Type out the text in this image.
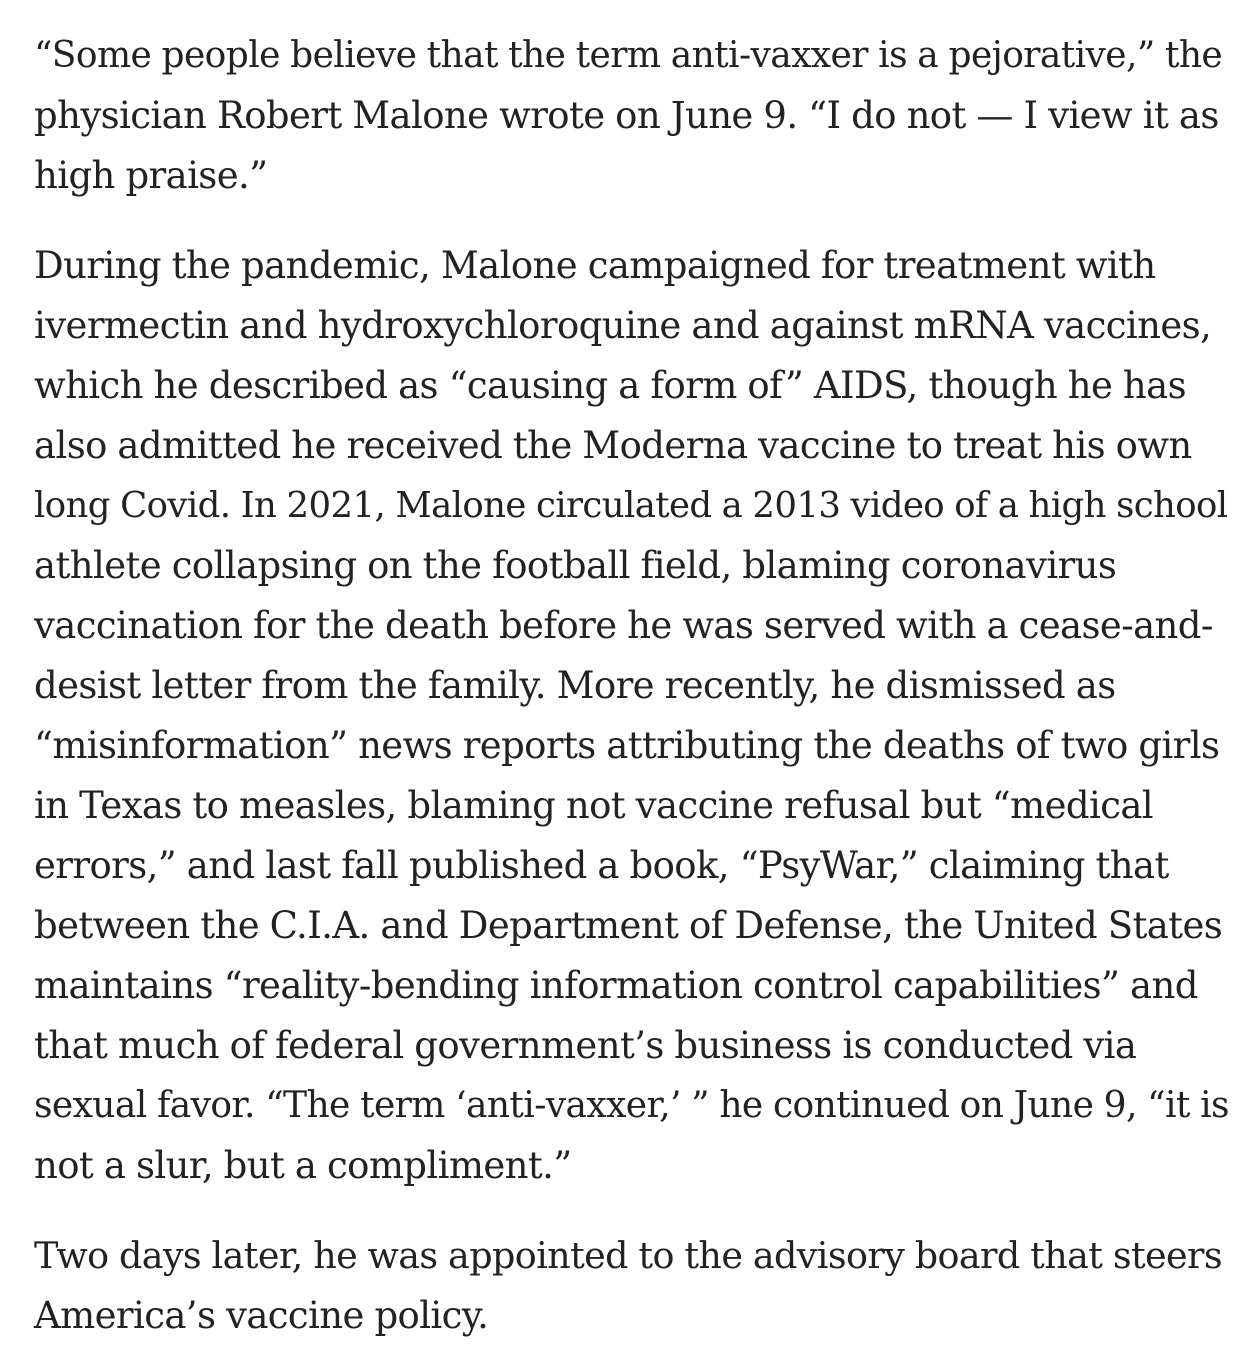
“Some people believe that the term anti-vaxxer is a pejorative,” the
physician Robert Malone wrote on June 9. “I do not — I view it as
high praise.”

During the pandemic, Malone campaigned for treatment with
ivermectin and hydroxychloroquine and against mRNA vaccines,
which he described as “causing a form of” AIDS, though he has
also admitted he received the Moderna vaccine to treat his own
long Covid. In 2021, Malone circulated a 2013 video of a high school
athlete collapsing on the football field, blaming coronavirus
vaccination for the death before he was served with a cease-and-
desist letter from the family. More recently, he dismissed as
“misinformation” news reports attributing the deaths of two girls
in Texas to measles, blaming not vaccine refusal but “medical
errors,” and last fall published a book, “PsyWar,” claiming that
between the C.I.A. and Department of Defense, the United States
maintains “reality-bending information control capabilities” and
that much of federal government’s business is conducted via
sexual favor. “The term ‘anti-vaxxer,’ ” he continued on June 9, “it is
not a slur, but a compliment.”

Two days later, he was appointed to the advisory board that steers
America’s vaccine policy.
